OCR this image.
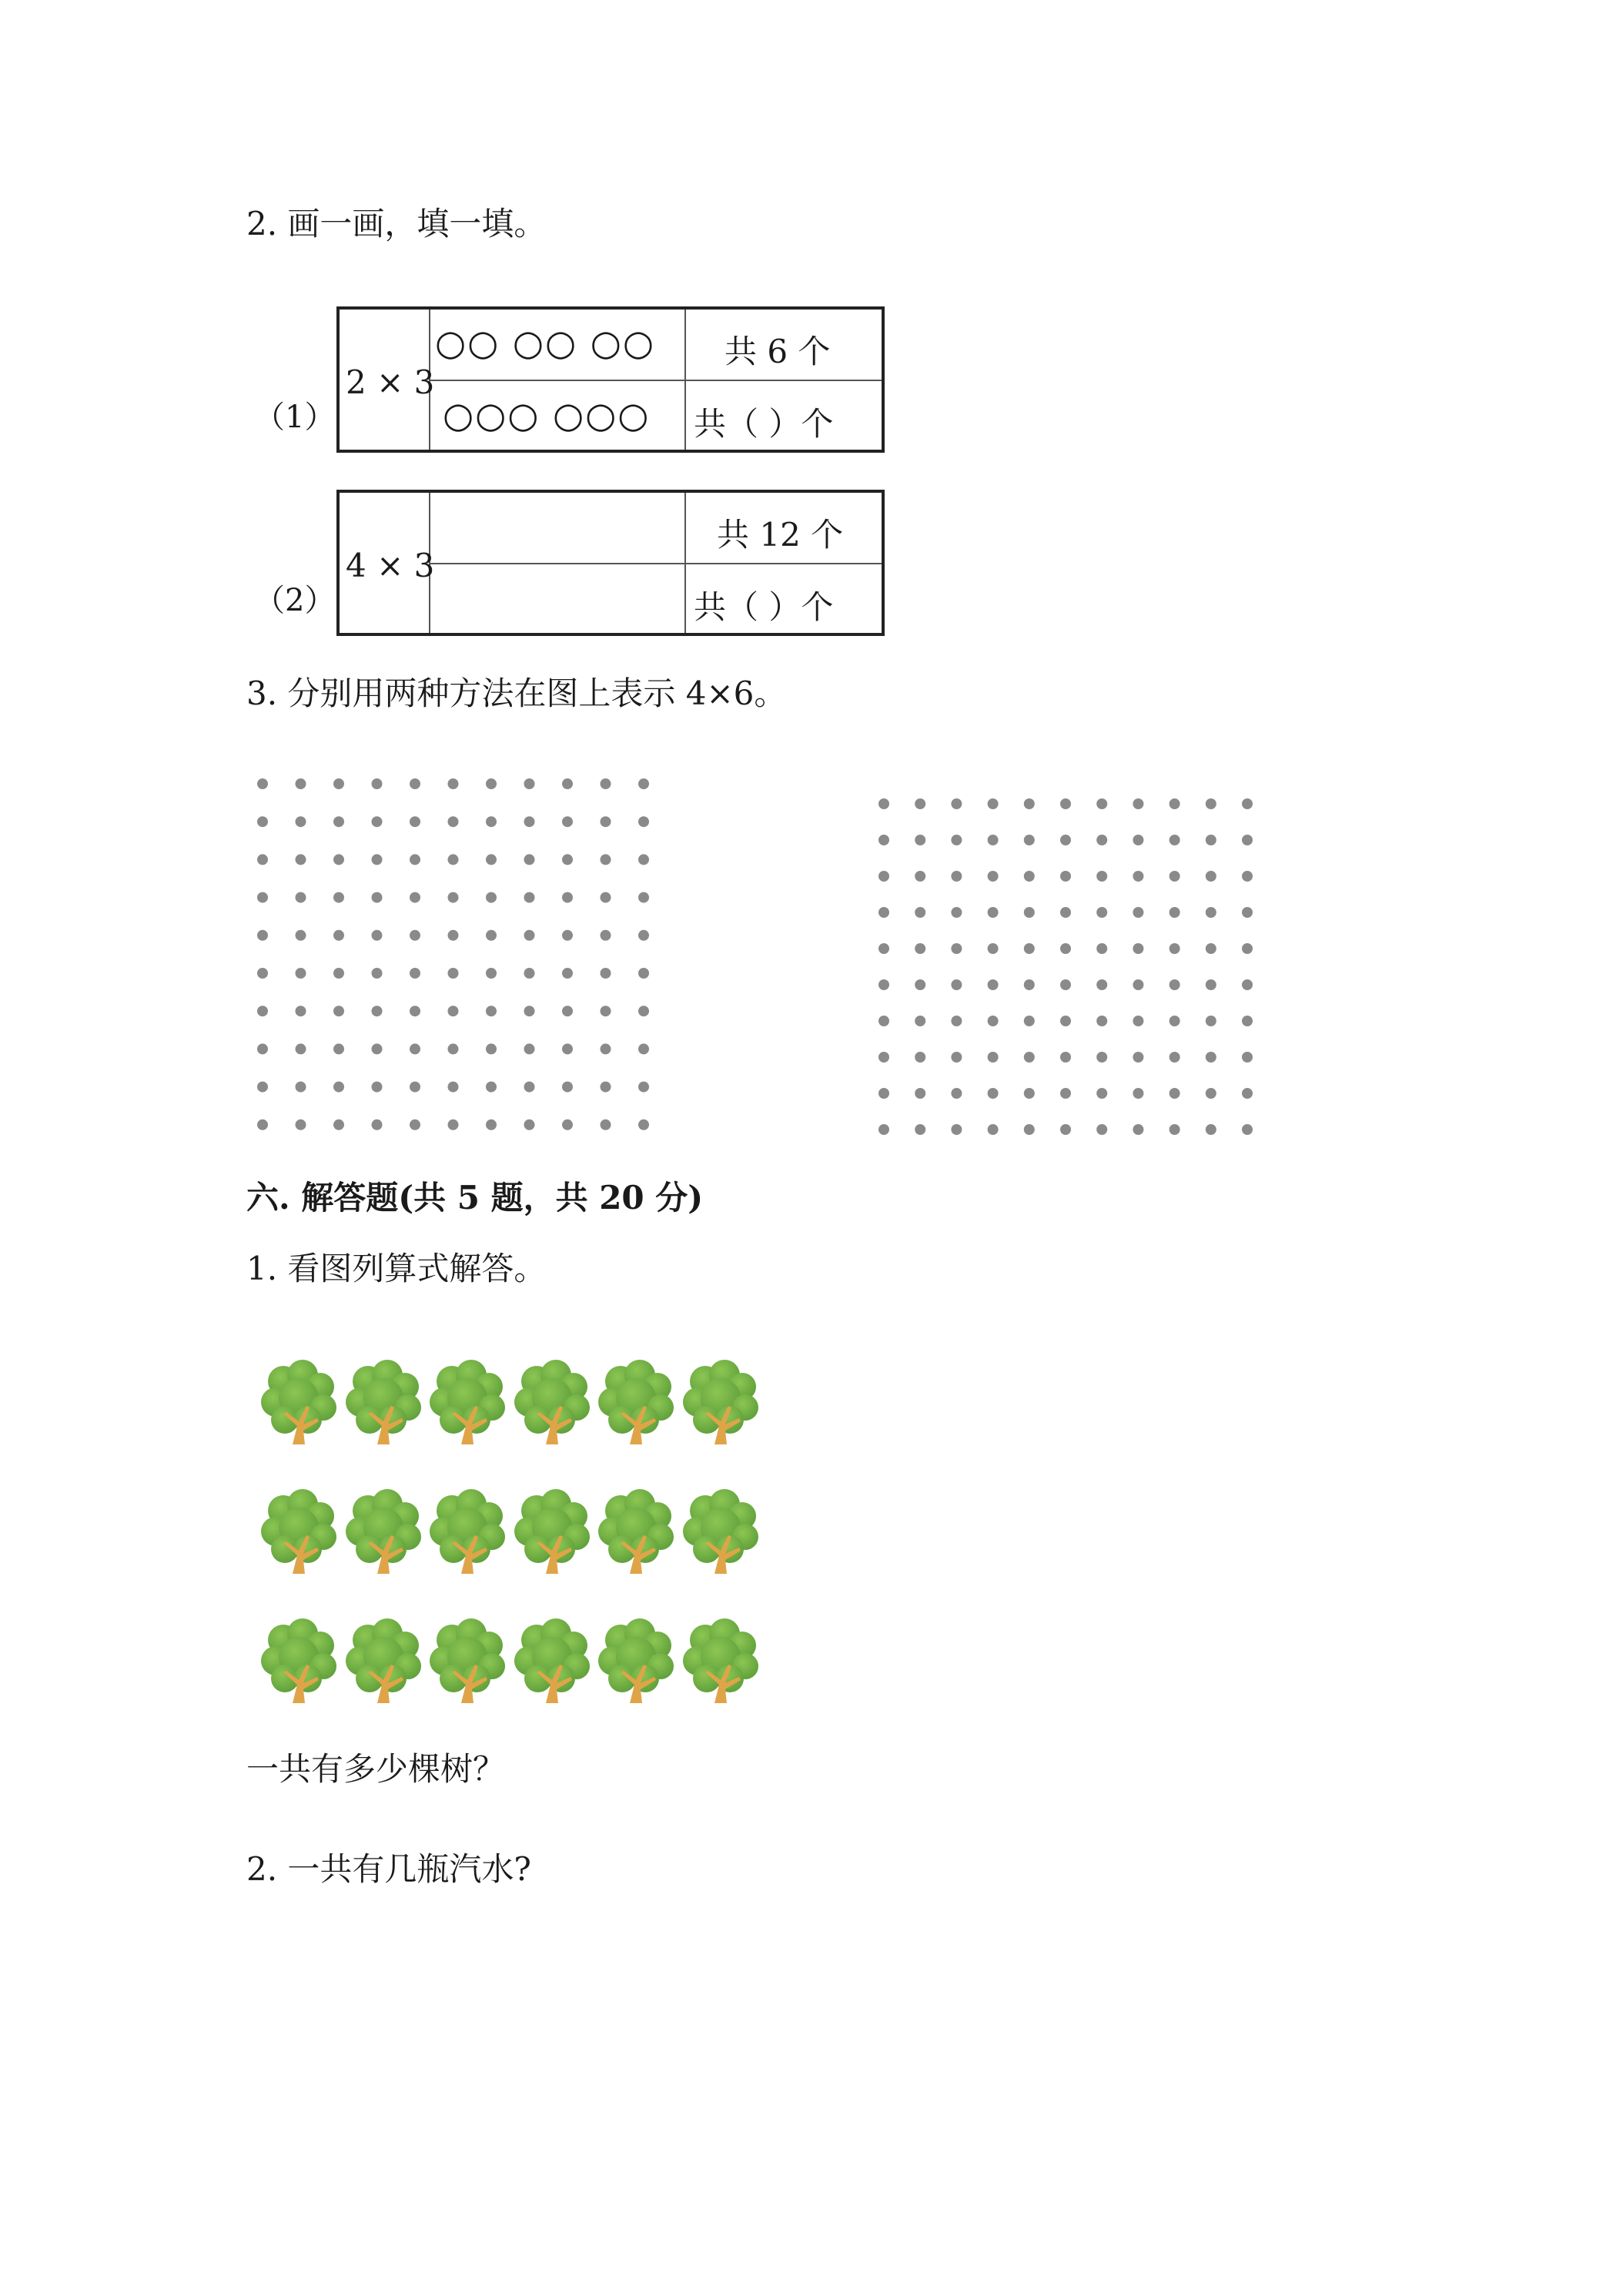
2. 画一画，填一填。
（1）
2 × 3
○○ ○○ ○○ 共 6 个
○○○ ○○○ 共（ ）个
（2）
4 × 3
共 12 个
共（ ）个
3. 分别用两种方法在图上表示 4×6。
六. 解答题(共 5 题，共 20 分)
1. 看图列算式解答。
一共有多少棵树？
2. 一共有几瓶汽水?
